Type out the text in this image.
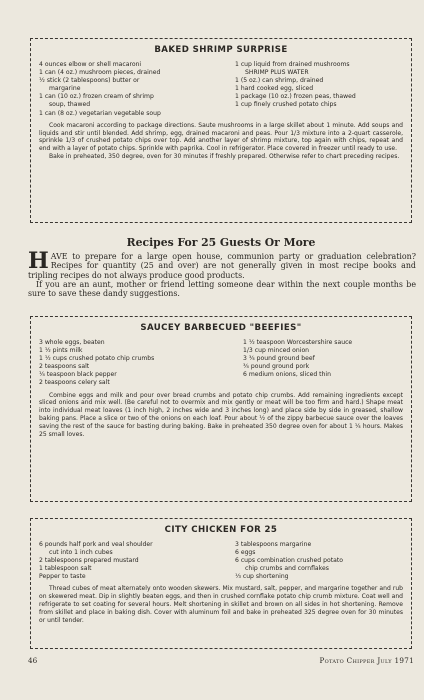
BAKED SHRIMP SURPRISE
4 ounces elbow or shell macaroni
1 can (4 oz.) mushroom pieces, drained
½ stick (2 tablespoons) butter or
margarine
1 can (10 oz.) frozen cream of shrimp
soup, thawed
1 can (8 oz.) vegetarian vegetable soup
1 cup liquid from drained mushrooms
SHRIMP PLUS WATER
1 (5 oz.) can shrimp, drained
1 hard cooked egg, sliced
1 package (10 oz.) frozen peas, thawed
1 cup finely crushed potato chips

Cook macaroni according to package directions. Saute mushrooms in a large skillet about 1 minute. Add soups and liquids and stir until blended. Add shrimp, egg, drained macaroni and peas. Pour 1/3 mixture into a 2-quart casserole, sprinkle 1/3 of crushed potato chips over top. Add another layer of shrimp mixture, top again with chips, repeat and end with a layer of potato chips. Sprinkle with paprika. Cool in refrigerator. Place covered in freezer until ready to use.

Bake in preheated, 350 degree, oven for 30 minutes if freshly prepared. Otherwise refer to chart preceding recipes.

Recipes For 25 Guests Or More

HAVE to prepare for a large open house, communion party or graduation celebration? Recipes for quantity (25 and over) are not generally given in most recipe books and tripling recipes do not always produce good products.

If you are an aunt, mother or friend letting someone dear within the next couple months be sure to save these dandy suggestions.

SAUCEY BARBECUED "BEEFIES"
3 whole eggs, beaten
1 ½ pints milk
1 ½ cups crushed potato chip crumbs
2 teaspoons salt
¼ teaspoon black pepper
2 teaspoons celery salt
1 ½ teaspoon Worcestershire sauce
1/3 cup minced onion
3 ¾ pound ground beef
¾ pound ground pork
6 medium onions, sliced thin

Combine eggs and milk and pour over bread crumbs and potato chip crumbs. Add remaining ingredients except sliced onions and mix well. (Be careful not to overmix and mix gently or meat will be too firm and hard.) Shape meat into individual meat loaves (1 inch high, 2 inches wide and 3 inches long) and place side by side in greased, shallow baking pans. Place a slice or two of the onions on each loaf. Pour about ½ of the zippy barbecue sauce over the loaves saving the rest of the sauce for basting during baking. Bake in preheated 350 degree oven for about 1 ¼ hours. Makes 25 small loves.

CITY CHICKEN FOR 25
6 pounds half pork and veal shoulder
cut into 1 inch cubes
2 tablespoons prepared mustard
1 tablespoon salt
Pepper to taste
3 tablespoons margarine
6 eggs
6 cups combination crushed potato
chip crumbs and cornflakes
⅓ cup shortening

Thread cubes of meat alternately onto wooden skewers. Mix mustard, salt, pepper, and margarine together and rub on skewered meat. Dip in slightly beaten eggs, and then in crushed cornflake potato chip crumb mixture. Coat well and refrigerate to set coating for several hours. Melt shortening in skillet and brown on all sides in hot shortening. Remove from skillet and place in baking dish. Cover with aluminum foil and bake in preheated 325 degree oven for 30 minutes or until tender.

46	Potato Chipper July 1971
